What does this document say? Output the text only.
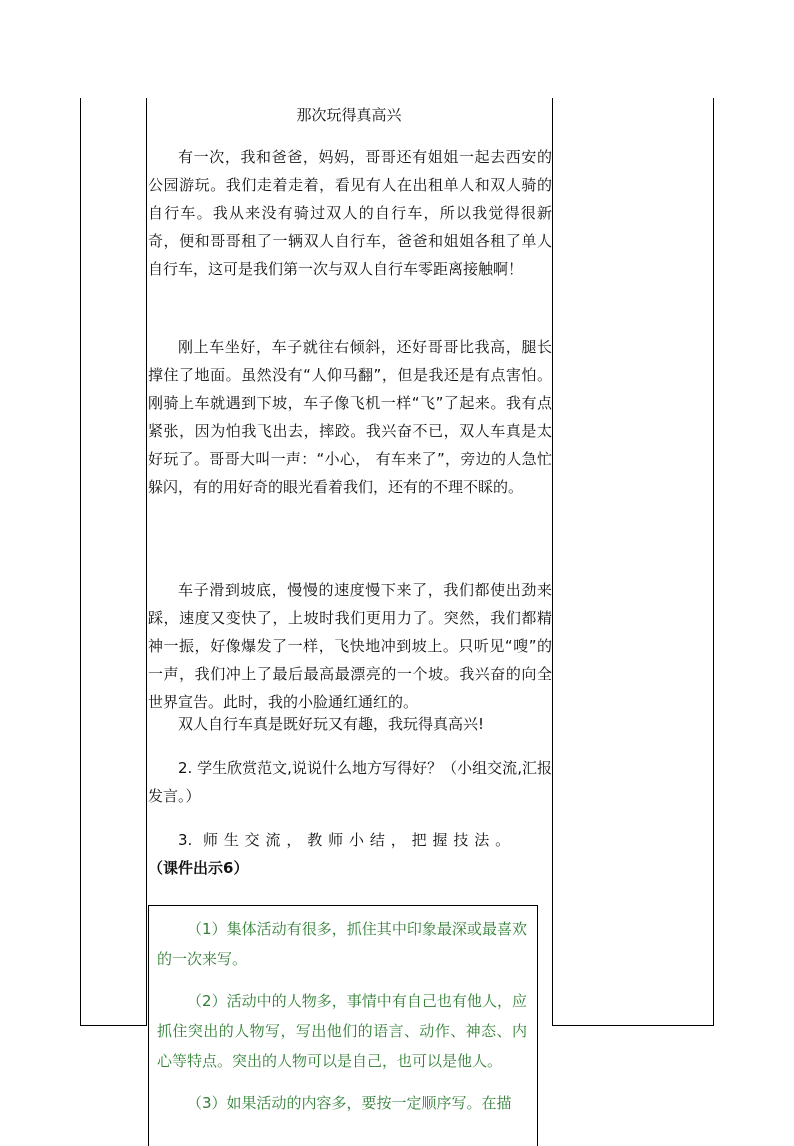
那次玩得真高兴
有一次，我和爸爸，妈妈，哥哥还有姐姐一起去西安的公园游玩。我们走着走着，看见有人在出租单人和双人骑的自行车。我从来没有骑过双人的自行车，所以我觉得很新奇，便和哥哥租了一辆双人自行车，爸爸和姐姐各租了单人自行车，这可是我们第一次与双人自行车零距离接触啊！
刚上车坐好，车子就往右倾斜，还好哥哥比我高，腿长撑住了地面。虽然没有“人仰马翻”，但是我还是有点害怕。刚骑上车就遇到下坡，车子像飞机一样“飞”了起来。我有点紧张，因为怕我飞出去，摔跤。我兴奋不已，双人车真是太好玩了。哥哥大叫一声：“小心， 有车来了”，旁边的人急忙躲闪，有的用好奇的眼光看着我们，还有的不理不睬的。
车子滑到坡底，慢慢的速度慢下来了，我们都使出劲来踩，速度又变快了，上坡时我们更用力了。突然，我们都精神一振，好像爆发了一样，飞快地冲到坡上。只听见“嗖”的一声，我们冲上了最后最高最漂亮的一个坡。我兴奋的向全世界宣告。此时，我的小脸通红通红的。
双人自行车真是既好玩又有趣，我玩得真高兴!
2. 学生欣赏范文,说说什么地方写得好？（小组交流,汇报发言。）
3. 师生交流，教师小结，把握技法。（课件出示6）
（1）集体活动有很多，抓住其中印象最深或最喜欢的一次来写。
（2）活动中的人物多，事情中有自己也有他人，应抓住突出的人物写，写出他们的语言、动作、神态、内心等特点。突出的人物可以是自己，也可以是他人。
（3）如果活动的内容多，要按一定顺序写。在描
